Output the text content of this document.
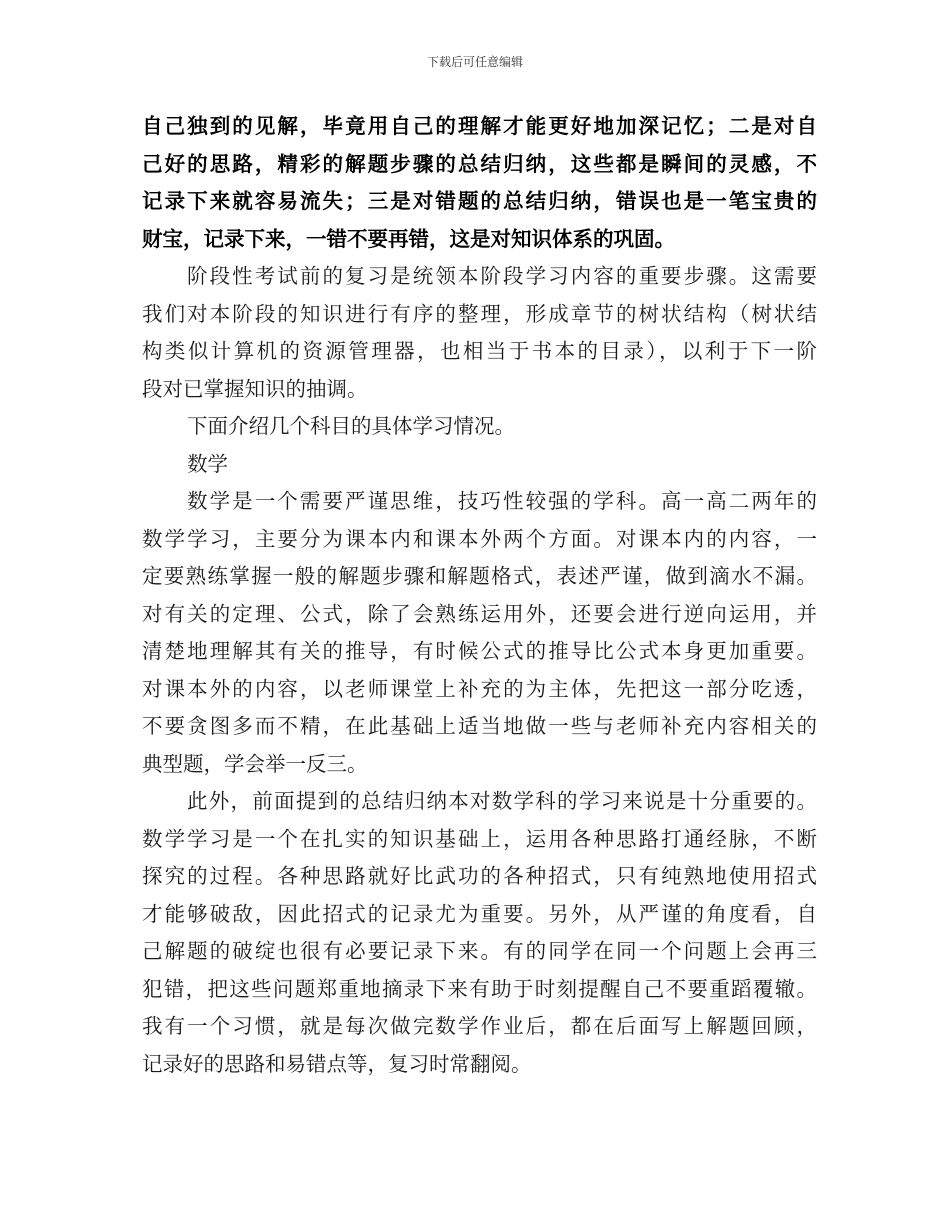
下载后可任意编辑
自己独到的见解，毕竟用自己的理解才能更好地加深记忆；二是对自
己好的思路，精彩的解题步骤的总结归纳，这些都是瞬间的灵感，不
记录下来就容易流失；三是对错题的总结归纳，错误也是一笔宝贵的
财宝，记录下来，一错不要再错，这是对知识体系的巩固。
阶段性考试前的复习是统领本阶段学习内容的重要步骤。这需要
我们对本阶段的知识进行有序的整理，形成章节的树状结构（树状结
构类似计算机的资源管理器，也相当于书本的目录），以利于下一阶
段对已掌握知识的抽调。
下面介绍几个科目的具体学习情况。
数学
数学是一个需要严谨思维，技巧性较强的学科。高一高二两年的
数学学习，主要分为课本内和课本外两个方面。对课本内的内容，一
定要熟练掌握一般的解题步骤和解题格式，表述严谨，做到滴水不漏。
对有关的定理、公式，除了会熟练运用外，还要会进行逆向运用，并
清楚地理解其有关的推导，有时候公式的推导比公式本身更加重要。
对课本外的内容，以老师课堂上补充的为主体，先把这一部分吃透，
不要贪图多而不精，在此基础上适当地做一些与老师补充内容相关的
典型题，学会举一反三。
此外，前面提到的总结归纳本对数学科的学习来说是十分重要的。
数学学习是一个在扎实的知识基础上，运用各种思路打通经脉，不断
探究的过程。各种思路就好比武功的各种招式，只有纯熟地使用招式
才能够破敌，因此招式的记录尤为重要。另外，从严谨的角度看，自
己解题的破绽也很有必要记录下来。有的同学在同一个问题上会再三
犯错，把这些问题郑重地摘录下来有助于时刻提醒自己不要重蹈覆辙。
我有一个习惯，就是每次做完数学作业后，都在后面写上解题回顾，
记录好的思路和易错点等，复习时常翻阅。
